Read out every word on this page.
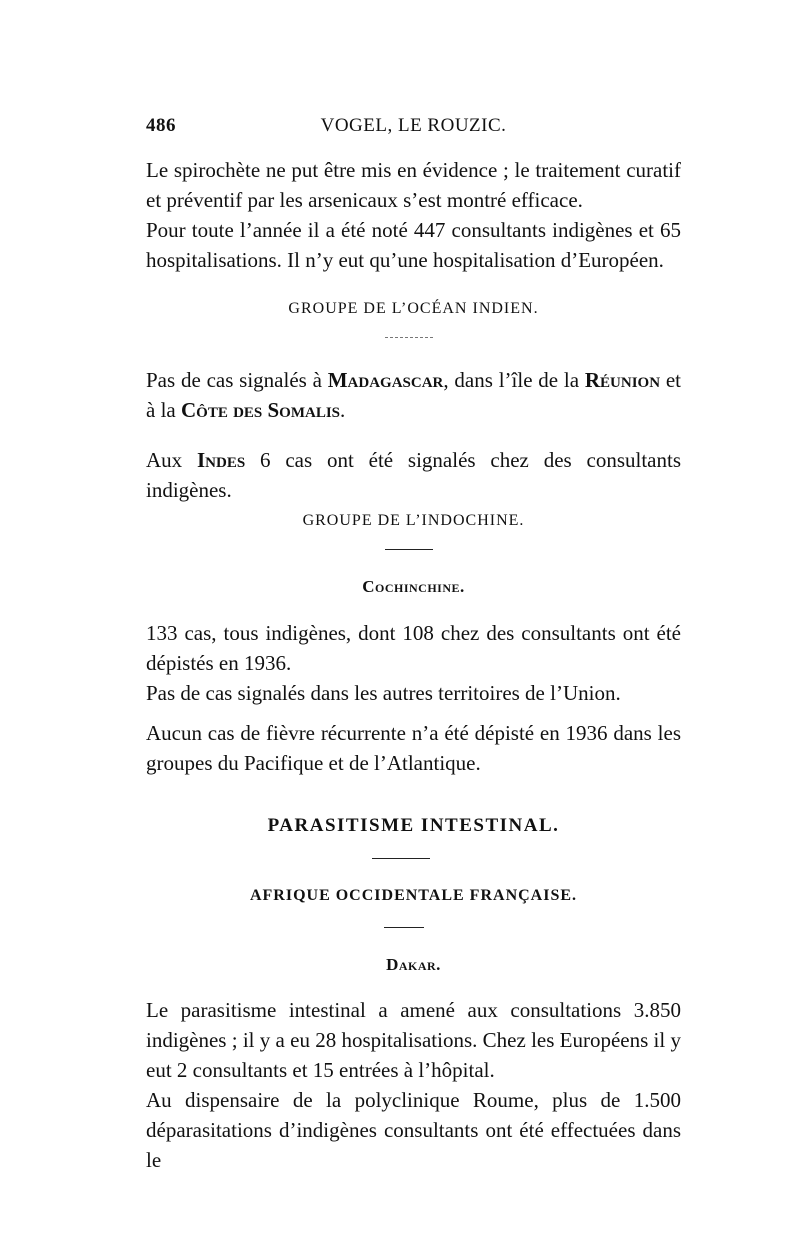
486	VOGEL, LE ROUZIC.

Le spirochète ne put être mis en évidence ; le traitement curatif et préventif par les arsenicaux s’est montré efficace.

Pour toute l’année il a été noté 447 consultants indigènes et 65 hospitalisations. Il n’y eut qu’une hospitalisation d’Européen.

GROUPE DE L’OCÉAN INDIEN.

Pas de cas signalés à Madagascar, dans l’île de la Réunion et à la Côte des Somalis.

Aux Indes 6 cas ont été signalés chez des consultants indigènes.

GROUPE DE L’INDOCHINE.

Cochinchine.

133 cas, tous indigènes, dont 108 chez des consultants ont été dépistés en 1936.

Pas de cas signalés dans les autres territoires de l’Union.

Aucun cas de fièvre récurrente n’a été dépisté en 1936 dans les groupes du Pacifique et de l’Atlantique.

PARASITISME INTESTINAL.

AFRIQUE OCCIDENTALE FRANÇAISE.

Dakar.

Le parasitisme intestinal a amené aux consultations 3.850 indigènes ; il y a eu 28 hospitalisations. Chez les Européens il y eut 2 consultants et 15 entrées à l’hôpital.

Au dispensaire de la polyclinique Roume, plus de 1.500 déparasitations d’indigènes consultants ont été effectuées dans le
